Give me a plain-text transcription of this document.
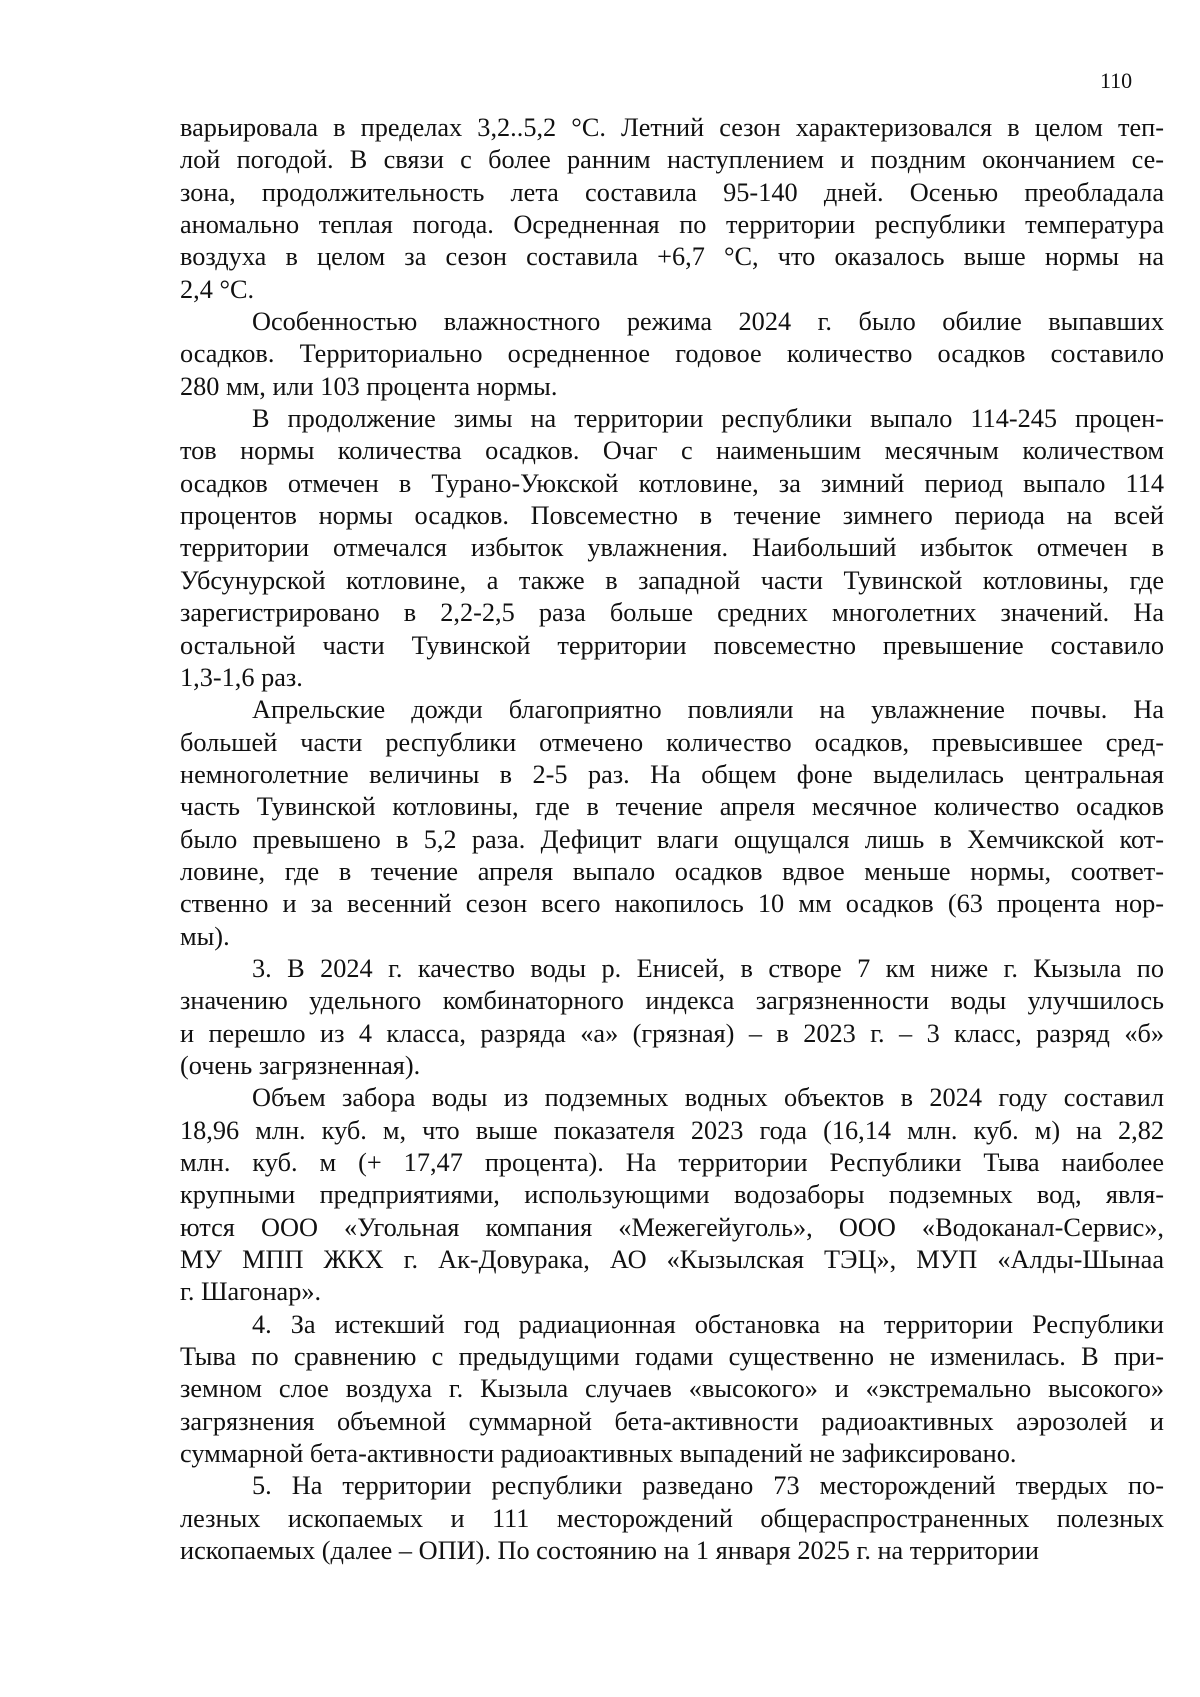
110
варьировала в пределах 3,2..5,2 °С. Летний сезон характеризовался в целом теп-
лой погодой. В связи с более ранним наступлением и поздним окончанием се-
зона, продолжительность лета составила 95-140 дней. Осенью преобладала
аномально теплая погода. Осредненная по территории республики температура
воздуха в целом за сезон составила +6,7 °С, что оказалось выше нормы на
2,4 °С.
Особенностью влажностного режима 2024 г. было обилие выпавших
осадков. Территориально осредненное годовое количество осадков составило
280 мм, или 103 процента нормы.
В продолжение зимы на территории республики выпало 114-245 процен-
тов нормы количества осадков. Очаг с наименьшим месячным количеством
осадков отмечен в Турано-Уюкской котловине, за зимний период выпало 114
процентов нормы осадков. Повсеместно в течение зимнего периода на всей
территории отмечался избыток увлажнения. Наибольший избыток отмечен в
Убсунурской котловине, а также в западной части Тувинской котловины, где
зарегистрировано в 2,2-2,5 раза больше средних многолетних значений. На
остальной части Тувинской территории повсеместно превышение составило
1,3-1,6 раз.
Апрельские дожди благоприятно повлияли на увлажнение почвы. На
большей части республики отмечено количество осадков, превысившее сред-
немноголетние величины в 2-5 раз. На общем фоне выделилась центральная
часть Тувинской котловины, где в течение апреля месячное количество осадков
было превышено в 5,2 раза. Дефицит влаги ощущался лишь в Хемчикской кот-
ловине, где в течение апреля выпало осадков вдвое меньше нормы, соответ-
ственно и за весенний сезон всего накопилось 10 мм осадков (63 процента нор-
мы).
3. В 2024 г. качество воды р. Енисей, в створе 7 км ниже г. Кызыла по
значению удельного комбинаторного индекса загрязненности воды улучшилось
и перешло из 4 класса, разряда «а» (грязная) – в 2023 г. – 3 класс, разряд «б»
(очень загрязненная).
Объем забора воды из подземных водных объектов в 2024 году составил
18,96 млн. куб. м, что выше показателя 2023 года (16,14 млн. куб. м) на 2,82
млн. куб. м (+ 17,47 процента). На территории Республики Тыва наиболее
крупными предприятиями, использующими водозаборы подземных вод, явля-
ются ООО «Угольная компания «Межегейуголь», ООО «Водоканал-Сервис»,
МУ МПП ЖКХ г. Ак-Довурака, АО «Кызылская ТЭЦ», МУП «Алды-Шынаа
г. Шагонар».
4. За истекший год радиационная обстановка на территории Республики
Тыва по сравнению с предыдущими годами существенно не изменилась. В при-
земном слое воздуха г. Кызыла случаев «высокого» и «экстремально высокого»
загрязнения объемной суммарной бета-активности радиоактивных аэрозолей и
суммарной бета-активности радиоактивных выпадений не зафиксировано.
5. На территории республики разведано 73 месторождений твердых по-
лезных ископаемых и 111 месторождений общераспространенных полезных
ископаемых (далее – ОПИ). По состоянию на 1 января 2025 г. на территории
